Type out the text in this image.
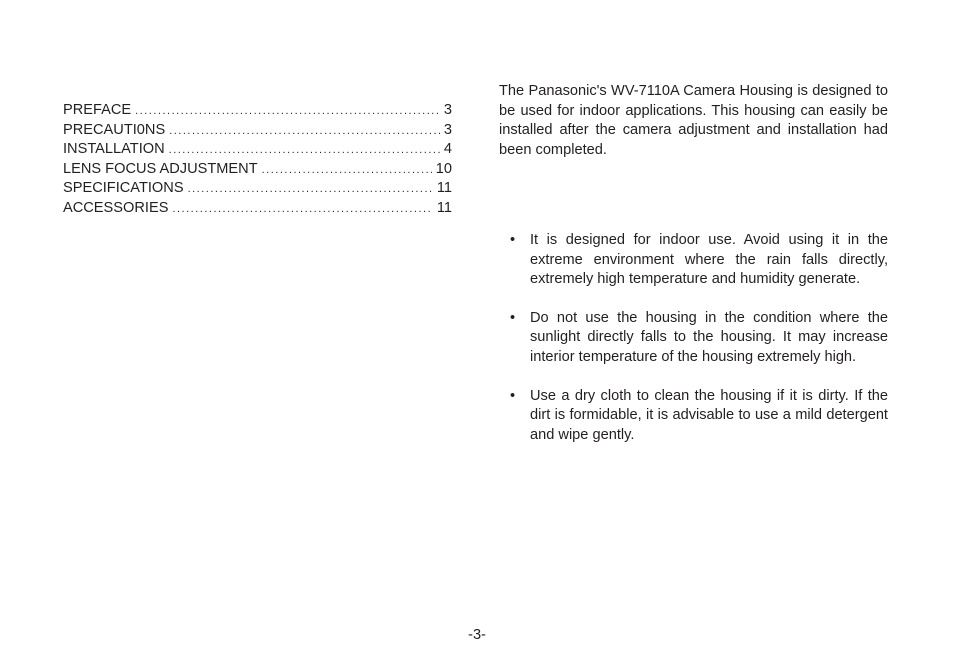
PREFACE .....	3
PRECAUTI0NS .....	3
INSTALLATION .....	4
LENS FOCUS ADJUSTMENT .....	10
SPECIFICATIONS .....	11
ACCESSORIES .....	11

The Panasonic's WV-7110A Camera Housing is designed to be used for indoor applications. This housing can easily be installed after the camera adjustment and installation had been completed.

•	It is designed for indoor use. Avoid using it in the extreme environment where the rain falls directly, extremely high temperature and humidity generate.
•	Do not use the housing in the condition where the sunlight directly falls to the housing. It may increase interior temperature of the housing extremely high.
•	Use a dry cloth to clean the housing if it is dirty. If the dirt is formidable, it is advisable to use a mild detergent and wipe gently.
-3-
